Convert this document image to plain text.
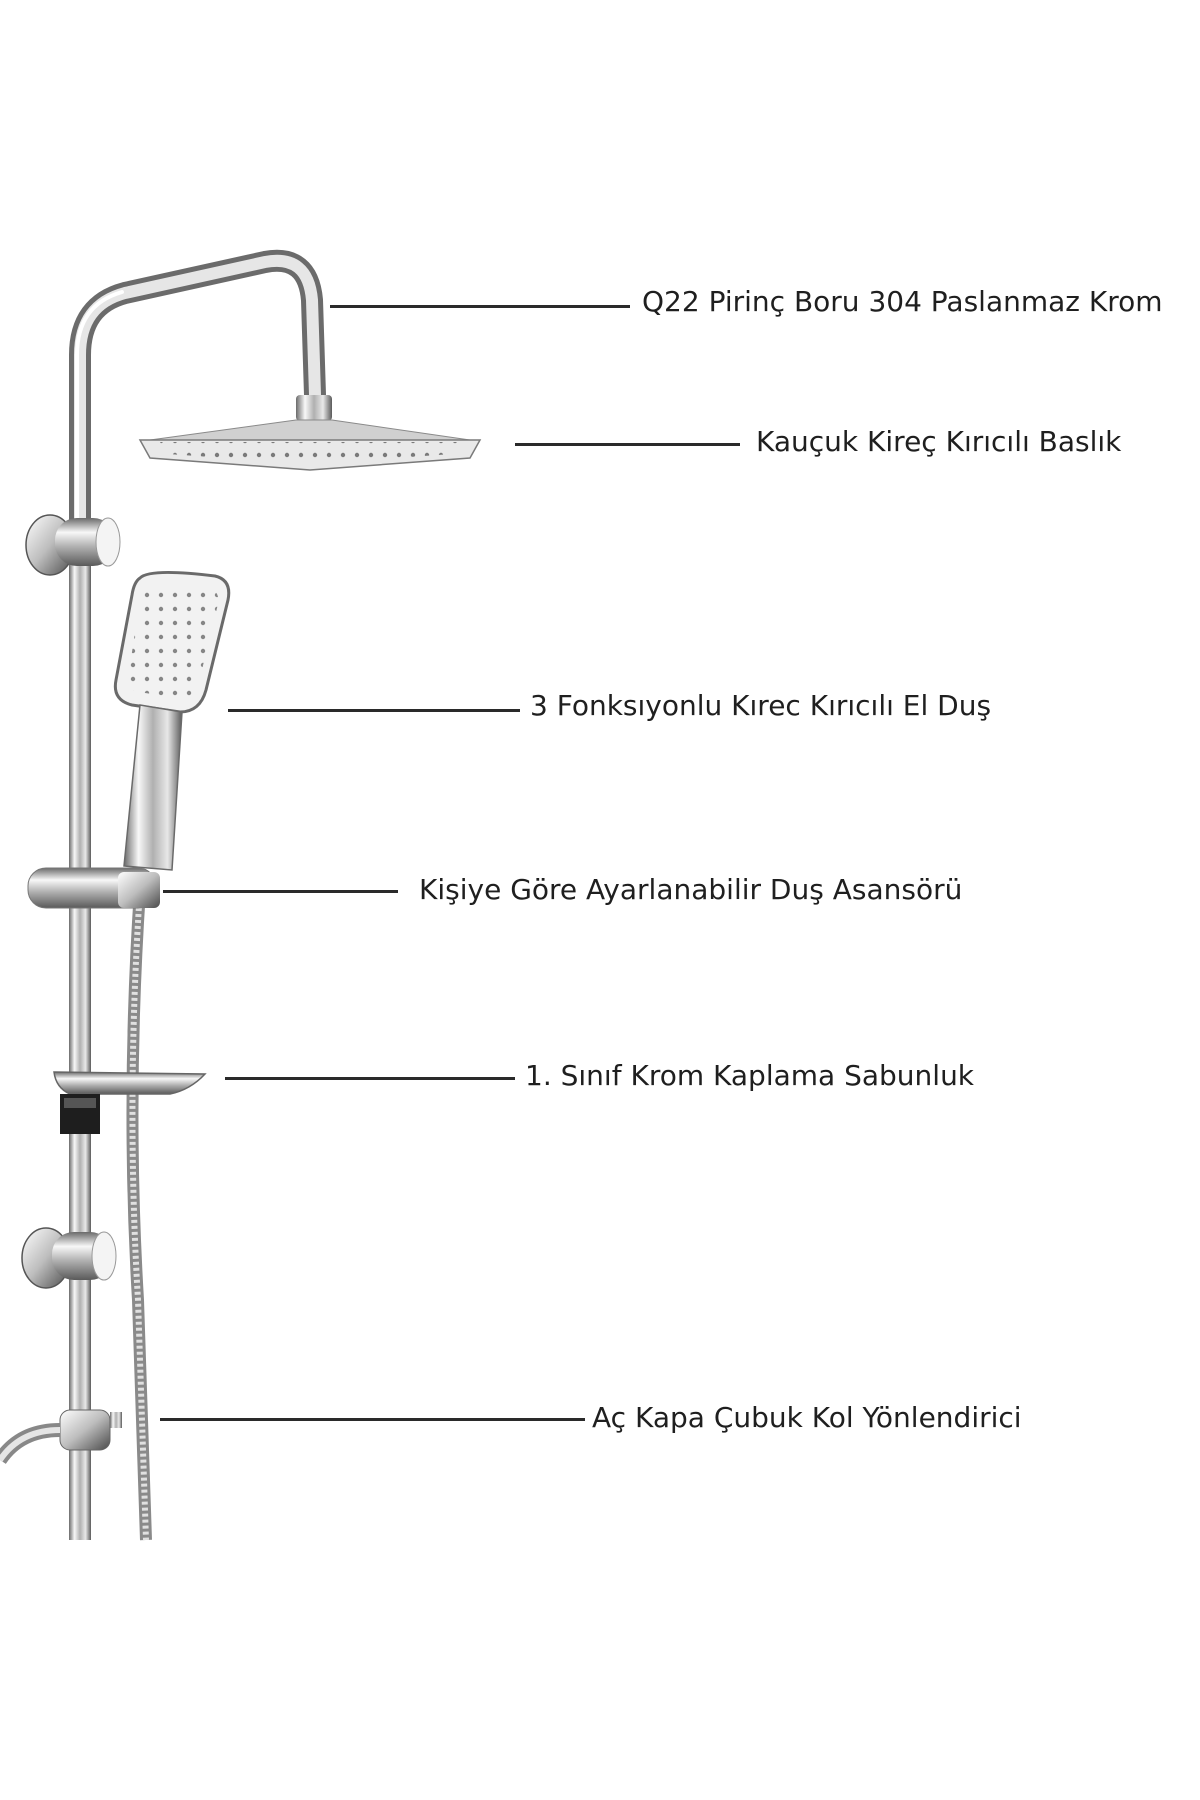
Q22 Pirinç Boru 304 Paslanmaz Krom
Kauçuk Kireç Kırıcılı Baslık
3 Fonksıyonlu Kırec Kırıcılı El Duş
Kişiye Göre Ayarlanabilir Duş Asansörü
1. Sınıf Krom Kaplama Sabunluk
Aç Kapa Çubuk Kol Yönlendirici
